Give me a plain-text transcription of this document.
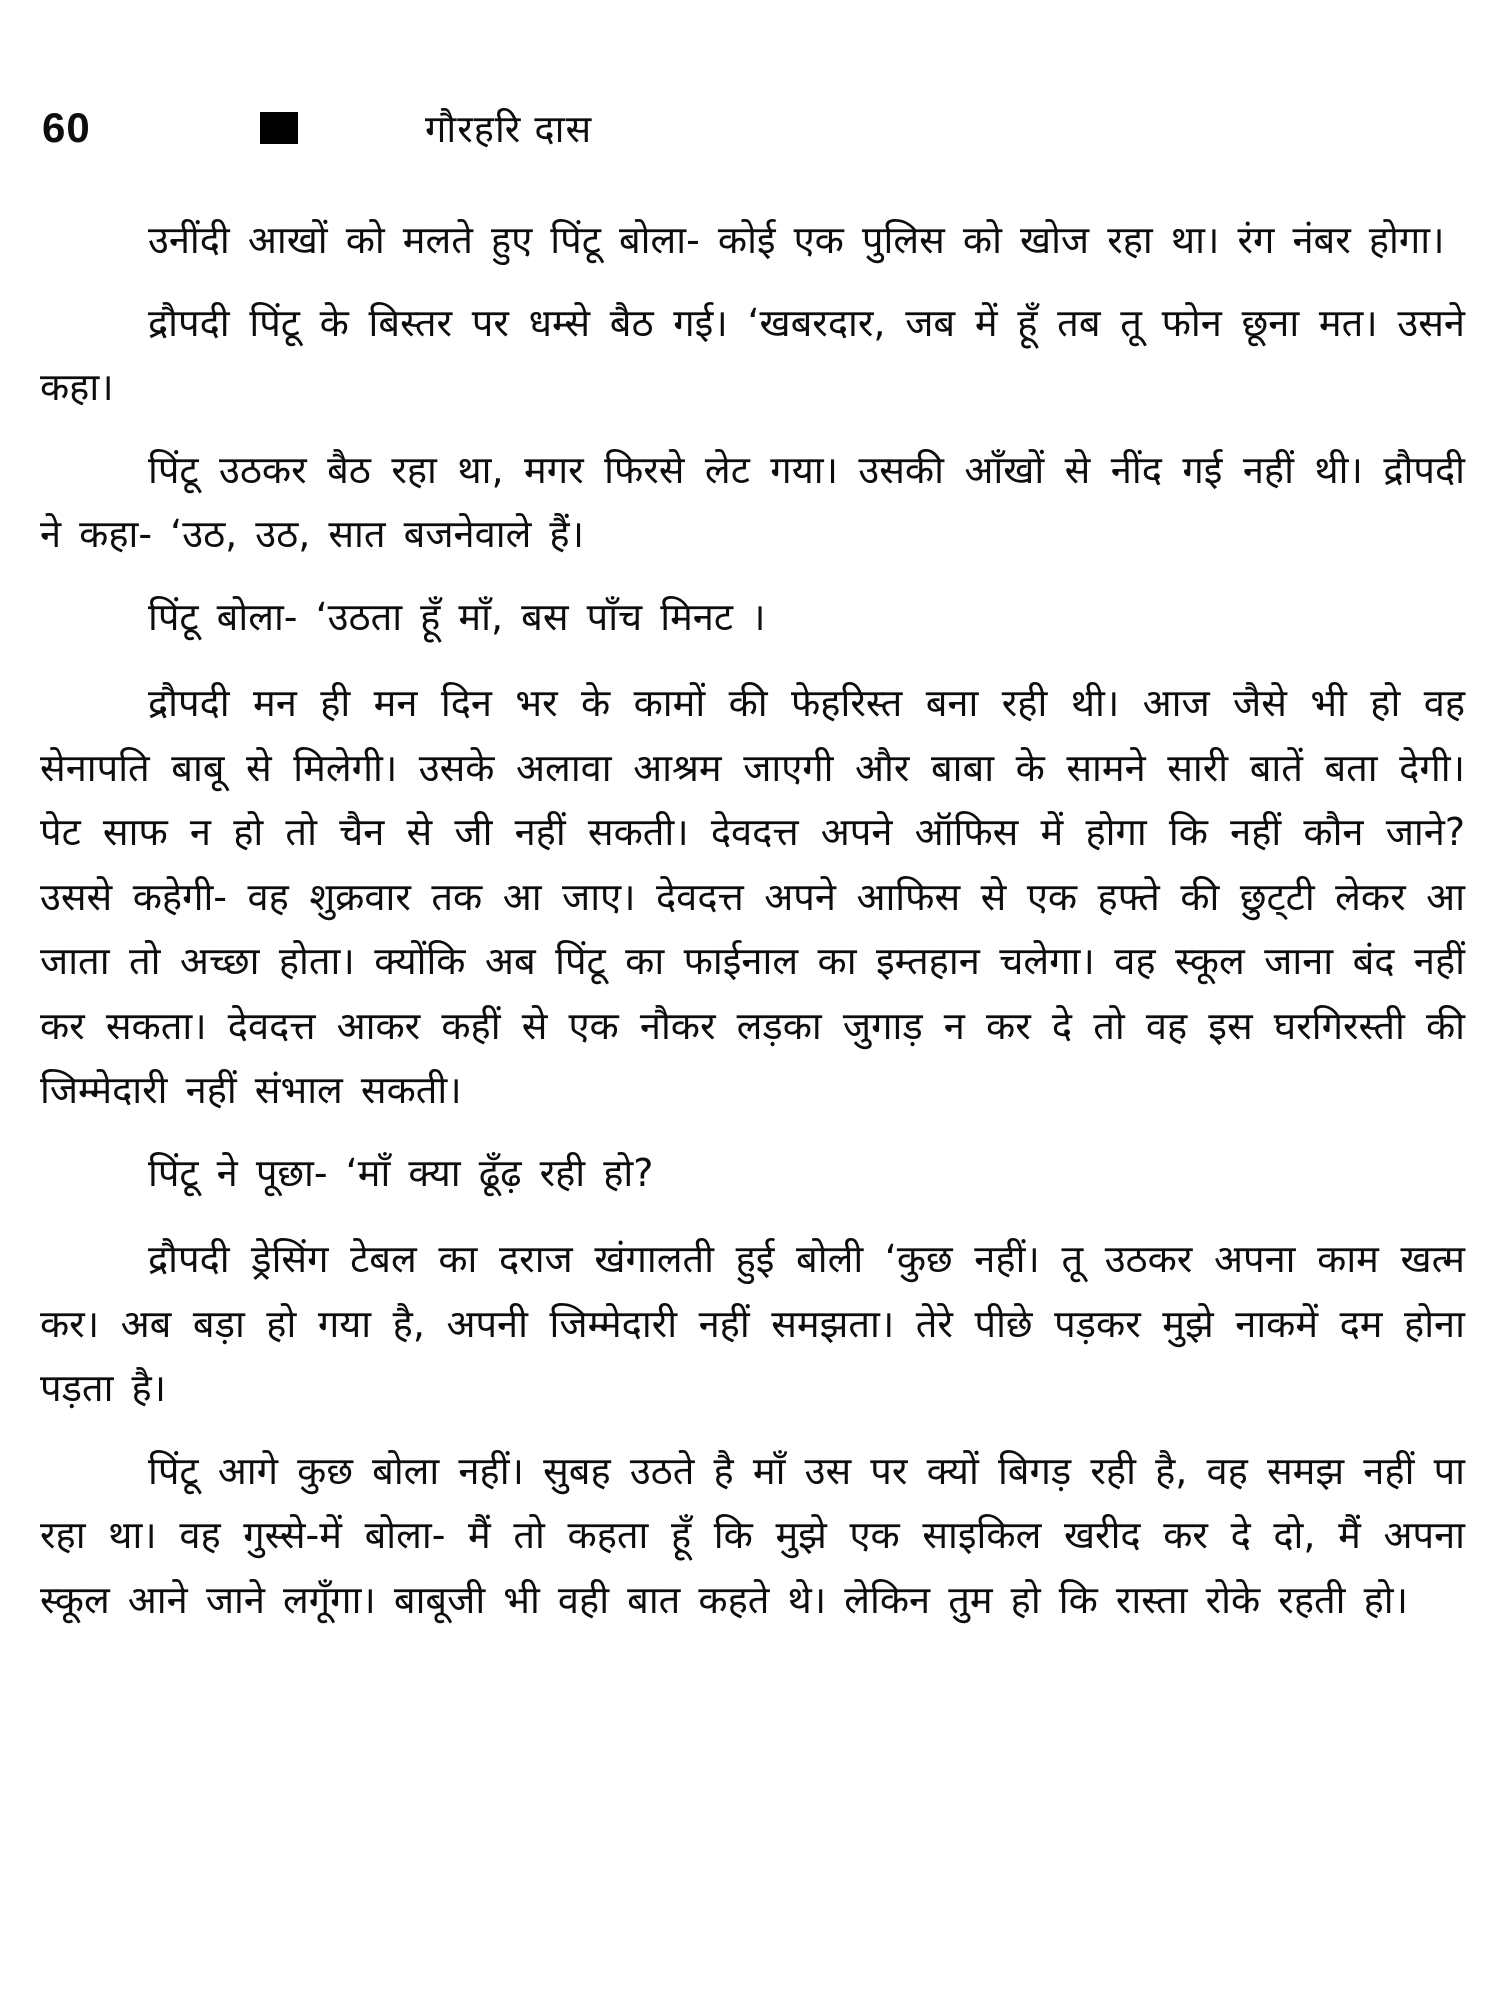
60	गौरहरि दास

उनींदी आखों को मलते हुए पिंटू बोला- कोई एक पुलिस को खोज रहा था। रंग नंबर होगा।

द्रौपदी पिंटू के बिस्तर पर धम्से बैठ गई। ‘खबरदार, जब में हूँ तब तू फोन छूना मत। उसने कहा।

पिंटू उठकर बैठ रहा था, मगर फिरसे लेट गया। उसकी आँखों से नींद गई नहीं थी। द्रौपदी ने कहा- ‘उठ, उठ, सात बजनेवाले हैं।

पिंटू बोला- ‘उठता हूँ माँ, बस पाँच मिनट ।

द्रौपदी मन ही मन दिन भर के कामों की फेहरिस्त बना रही थी। आज जैसे भी हो वह सेनापति बाबू से मिलेगी। उसके अलावा आश्रम जाएगी और बाबा के सामने सारी बातें बता देगी। पेट साफ न हो तो चैन से जी नहीं सकती। देवदत्त अपने ऑफिस में होगा कि नहीं कौन जाने? उससे कहेगी- वह शुक्रवार तक आ जाए। देवदत्त अपने आफिस से एक हफ्ते की छुट्‌टी लेकर आ जाता तो अच्छा होता। क्योंकि अब पिंटू का फाईनाल का इम्तहान चलेगा। वह स्कूल जाना बंद नहीं कर सकता। देवदत्त आकर कहीं से एक नौकर लड़का जुगाड़ न कर दे तो वह इस घरगिरस्ती की जिम्मेदारी नहीं संभाल सकती।

पिंटू ने पूछा- ‘माँ क्या ढूँढ़ रही हो?

द्रौपदी ड्रेसिंग टेबल का दराज खंगालती हुई बोली ‘कुछ नहीं। तू उठकर अपना काम खत्म कर। अब बड़ा हो गया है, अपनी जिम्मेदारी नहीं समझता। तेरे पीछे पड़कर मुझे नाकमें दम होना पड़ता है।

पिंटू आगे कुछ बोला नहीं। सुबह उठते है माँ उस पर क्यों बिगड़ रही है, वह समझ नहीं पा रहा था। वह गुस्से-में बोला- मैं तो कहता हूँ कि मुझे एक साइकिल खरीद कर दे दो, मैं अपना स्कूल आने जाने लगूँगा। बाबूजी भी वही बात कहते थे। लेकिन तुम हो कि रास्ता रोके रहती हो।
